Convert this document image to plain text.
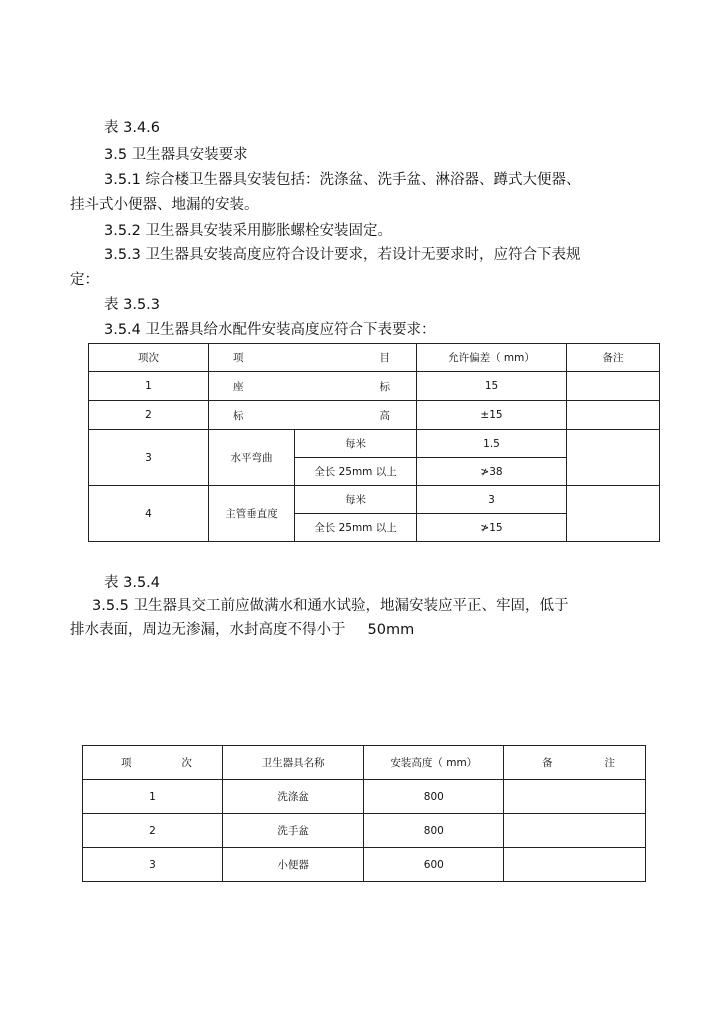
表 3.4.6
3.5 卫生器具安装要求
3.5.1 综合楼卫生器具安装包括：洗涤盆、洗手盆、淋浴器、蹲式大便器、
挂斗式小便器、地漏的安装。
3.5.2 卫生器具安装采用膨胀螺栓安装固定。
3.5.3 卫生器具安装高度应符合设计要求，若设计无要求时，应符合下表规
定：
表 3.5.3
3.5.4 卫生器具给水配件安装高度应符合下表要求：
项次	项 目		允许偏差（ mm）	备注
1	座 标		15	
2	标 高		±15	
3	水平弯曲	每米	1.5	
		全长 25mm 以上	≯38	
4	主管垂直度	每米	3	
		全长 25mm 以上	≯15	
表 3.5.4
3.5.5 卫生器具交工前应做满水和通水试验，地漏安装应平正、牢固，低于
排水表面，周边无渗漏，水封高度不得小于 50mm
项 次	卫生器具名称	安装高度（ mm）	备 注

1	洗涤盆	800	
2	洗手盆	800	
3	小便器	600	
